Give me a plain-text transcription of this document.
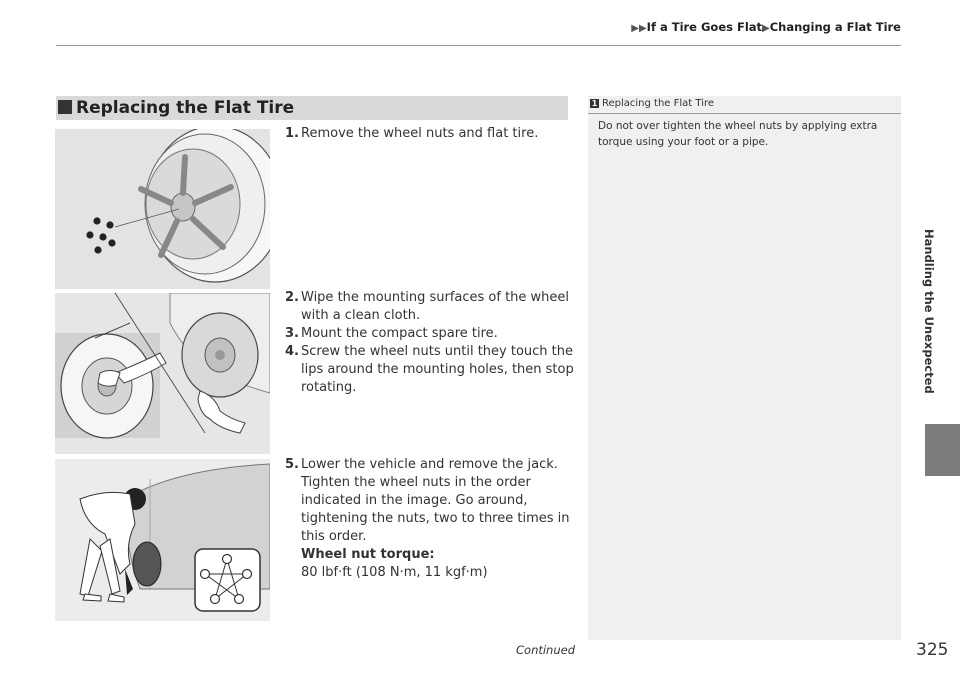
▶▶If a Tire Goes Flat▶Changing a Flat Tire
Handling the Unexpected
Replacing the Flat Tire	1 Replacing the Flat Tire
Do not over tighten the wheel nuts by applying extra torque using your foot or a pipe.
1. Remove the wheel nuts and flat tire.
2. Wipe the mounting surfaces of the wheel with a clean cloth.
3. Mount the compact spare tire.
4. Screw the wheel nuts until they touch the lips around the mounting holes, then stop rotating.
5. Lower the vehicle and remove the jack. Tighten the wheel nuts in the order indicated in the image. Go around, tightening the nuts, two to three times in this order.
Wheel nut torque:
80 lbf·ft (108 N·m, 11 kgf·m)
Continued	325
